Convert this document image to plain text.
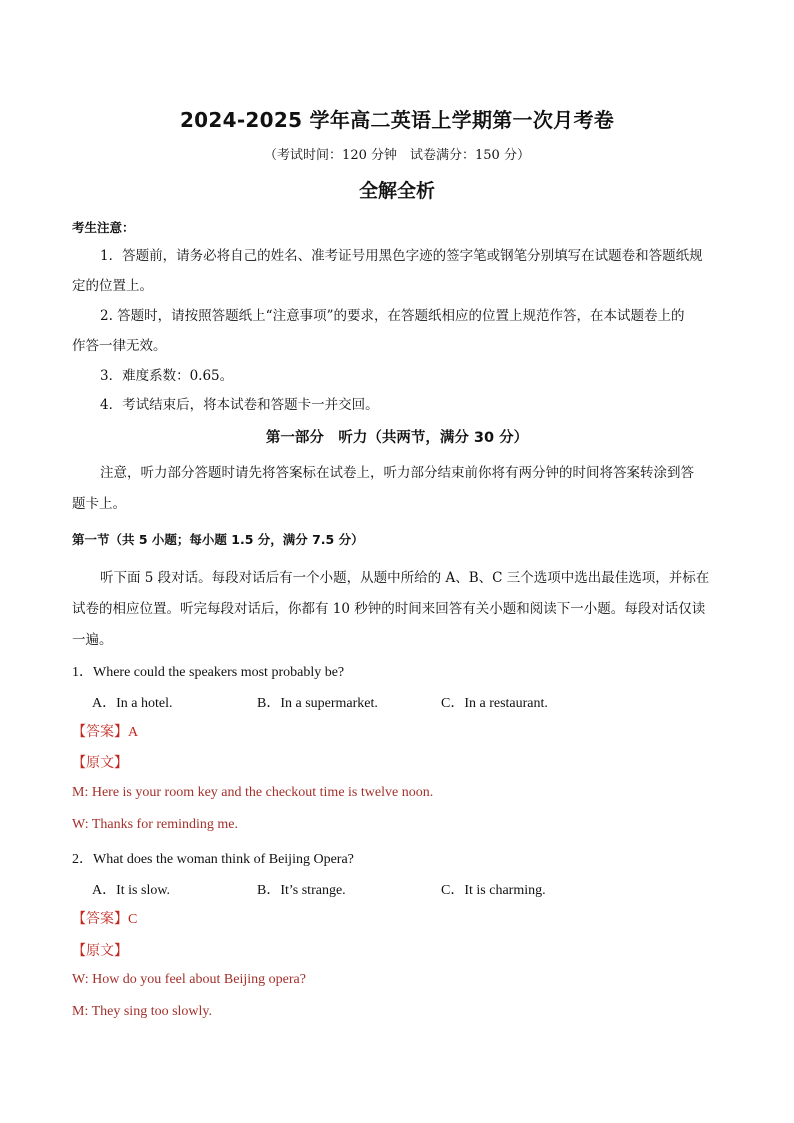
2024-2025 学年高二英语上学期第一次月考卷
（考试时间：120 分钟　试卷满分：150 分）
全解全析
考生注意：
1．答题前，请务必将自己的姓名、准考证号用黑色字迹的签字笔或钢笔分别填写在试题卷和答题纸规
定的位置上。
2. 答题时，请按照答题纸上“注意事项”的要求，在答题纸相应的位置上规范作答，在本试题卷上的
作答一律无效。
3．难度系数：0.65。
4．考试结束后，将本试卷和答题卡一并交回。
第一部分　听力（共两节，满分 30 分）
注意，听力部分答题时请先将答案标在试卷上，听力部分结束前你将有两分钟的时间将答案转涂到答
题卡上。
第一节（共 5 小题；每小题 1.5 分，满分 7.5 分）
听下面 5 段对话。每段对话后有一个小题，从题中所给的 A、B、C 三个选项中选出最佳选项，并标在
试卷的相应位置。听完每段对话后，你都有 10 秒钟的时间来回答有关小题和阅读下一小题。每段对话仅读
一遍。
1．Where could the speakers most probably be?
A．In a hotel.	B．In a supermarket.	C．In a restaurant.
【答案】A
【原文】
M: Here is your room key and the checkout time is twelve noon.
W: Thanks for reminding me.
2．What does the woman think of Beijing Opera?
A．It is slow.	B．It’s strange.	C．It is charming.
【答案】C
【原文】
W: How do you feel about Beijing opera?
M: They sing too slowly.
